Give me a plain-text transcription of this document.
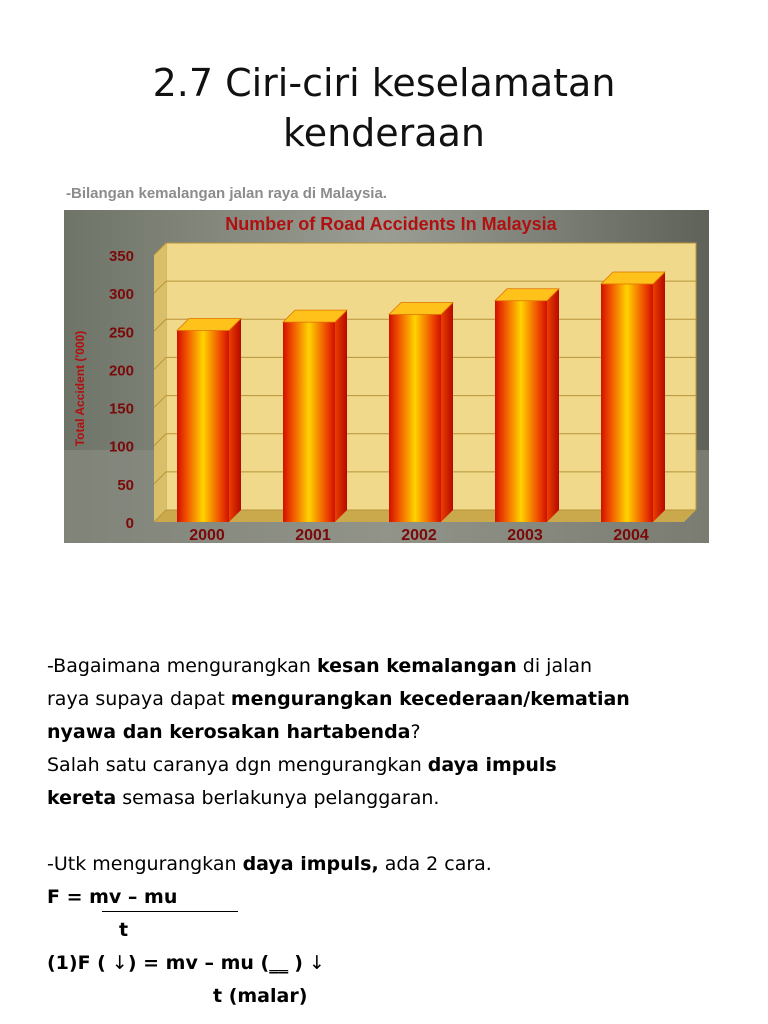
2.7 Ciri-ciri keselamatan
kenderaan
-Bilangan kemalangan jalan raya di Malaysia.
Number of Road Accidents In Malaysia
0
50
100
150
200
250
300
350
Total Accident ('000)
2000	2001	2002	2003	2004

-Bagaimana mengurangkan kesan kemalangan di jalan

raya supaya dapat mengurangkan kecederaan/kematian

nyawa dan kerosakan hartabenda?

Salah satu caranya dgn mengurangkan daya impuls

kereta semasa berlakunya pelanggaran.

-Utk mengurangkan daya impuls, ada 2 cara.

F = mv – mu

t

(1)F ( ↓) = mv – mu (__ ) ↓

t (malar)
